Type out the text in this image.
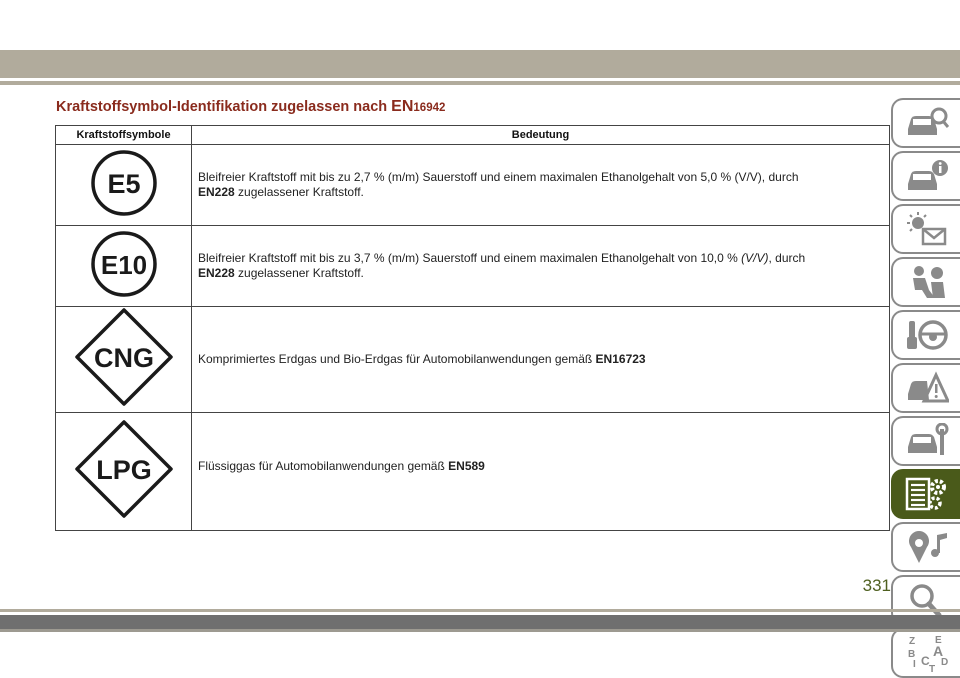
Kraftstoffsymbol-Identifikation zugelassen nach EN16942
Kraftstoffsymbole	Bedeutung

E5	Bleifreier Kraftstoff mit bis zu 2,7 % (m/m) Sauerstoff und einem maximalen Ethanolgehalt von 5,0 % (V/V), durch
EN228 zugelassener Kraftstoff.

E10	Bleifreier Kraftstoff mit bis zu 3,7 % (m/m) Sauerstoff und einem maximalen Ethanolgehalt von 10,0 % (V/V), durch
EN228 zugelassener Kraftstoff.

CNG	Komprimiertes Erdgas und Bio-Erdgas für Automobilanwendungen gemäß EN16723

LPG	Flüssiggas für Automobilanwendungen gemäß EN589
Z E
B A
D
I C
T
331
